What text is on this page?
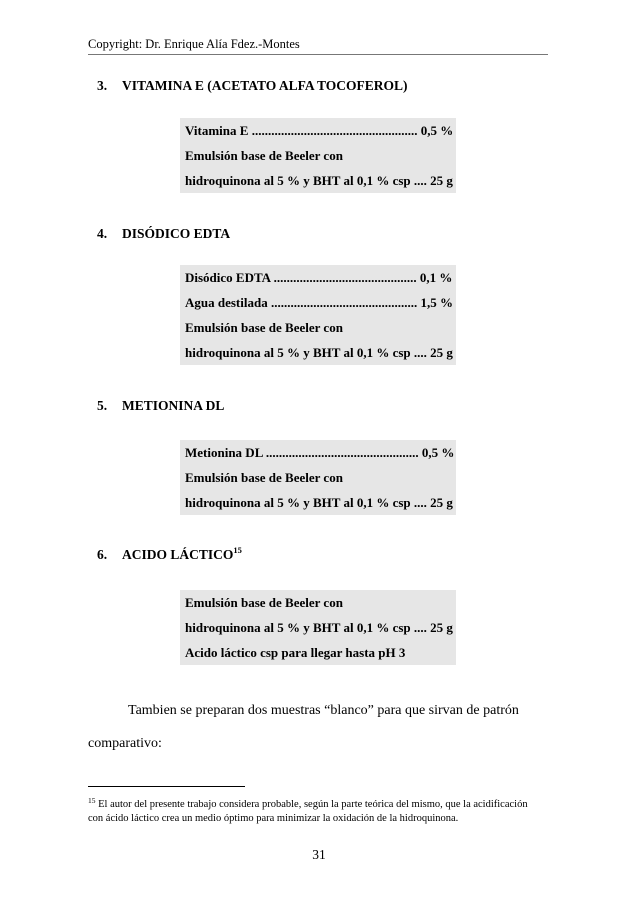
Copyright: Dr. Enrique Alía Fdez.-Montes
3. VITAMINA E (ACETATO ALFA TOCOFEROL)
Vitamina E ................................................... 0,5 %
Emulsión base de Beeler con
hidroquinona al 5 % y BHT al 0,1 % csp .... 25 g
4. DISÓDICO EDTA
Disódico EDTA ............................................ 0,1 %
Agua destilada ............................................. 1,5 %
Emulsión base de Beeler con
hidroquinona al 5 % y BHT al 0,1 % csp .... 25 g
5. METIONINA DL
Metionina DL ............................................... 0,5 %
Emulsión base de Beeler con
hidroquinona al 5 % y BHT al 0,1 % csp .... 25 g
6. ACIDO LÁCTICO$^{15}$
Emulsión base de Beeler con
hidroquinona al 5 % y BHT al 0,1 % csp .... 25 g
Acido láctico csp para llegar hasta pH 3
Tambien se preparan dos muestras “blanco” para que sirvan de patrón
comparativo:
$^{15}$ El autor del presente trabajo considera probable, según la parte teórica del mismo, que la acidificación
con ácido láctico crea un medio óptimo para minimizar la oxidación de la hidroquinona.
31
